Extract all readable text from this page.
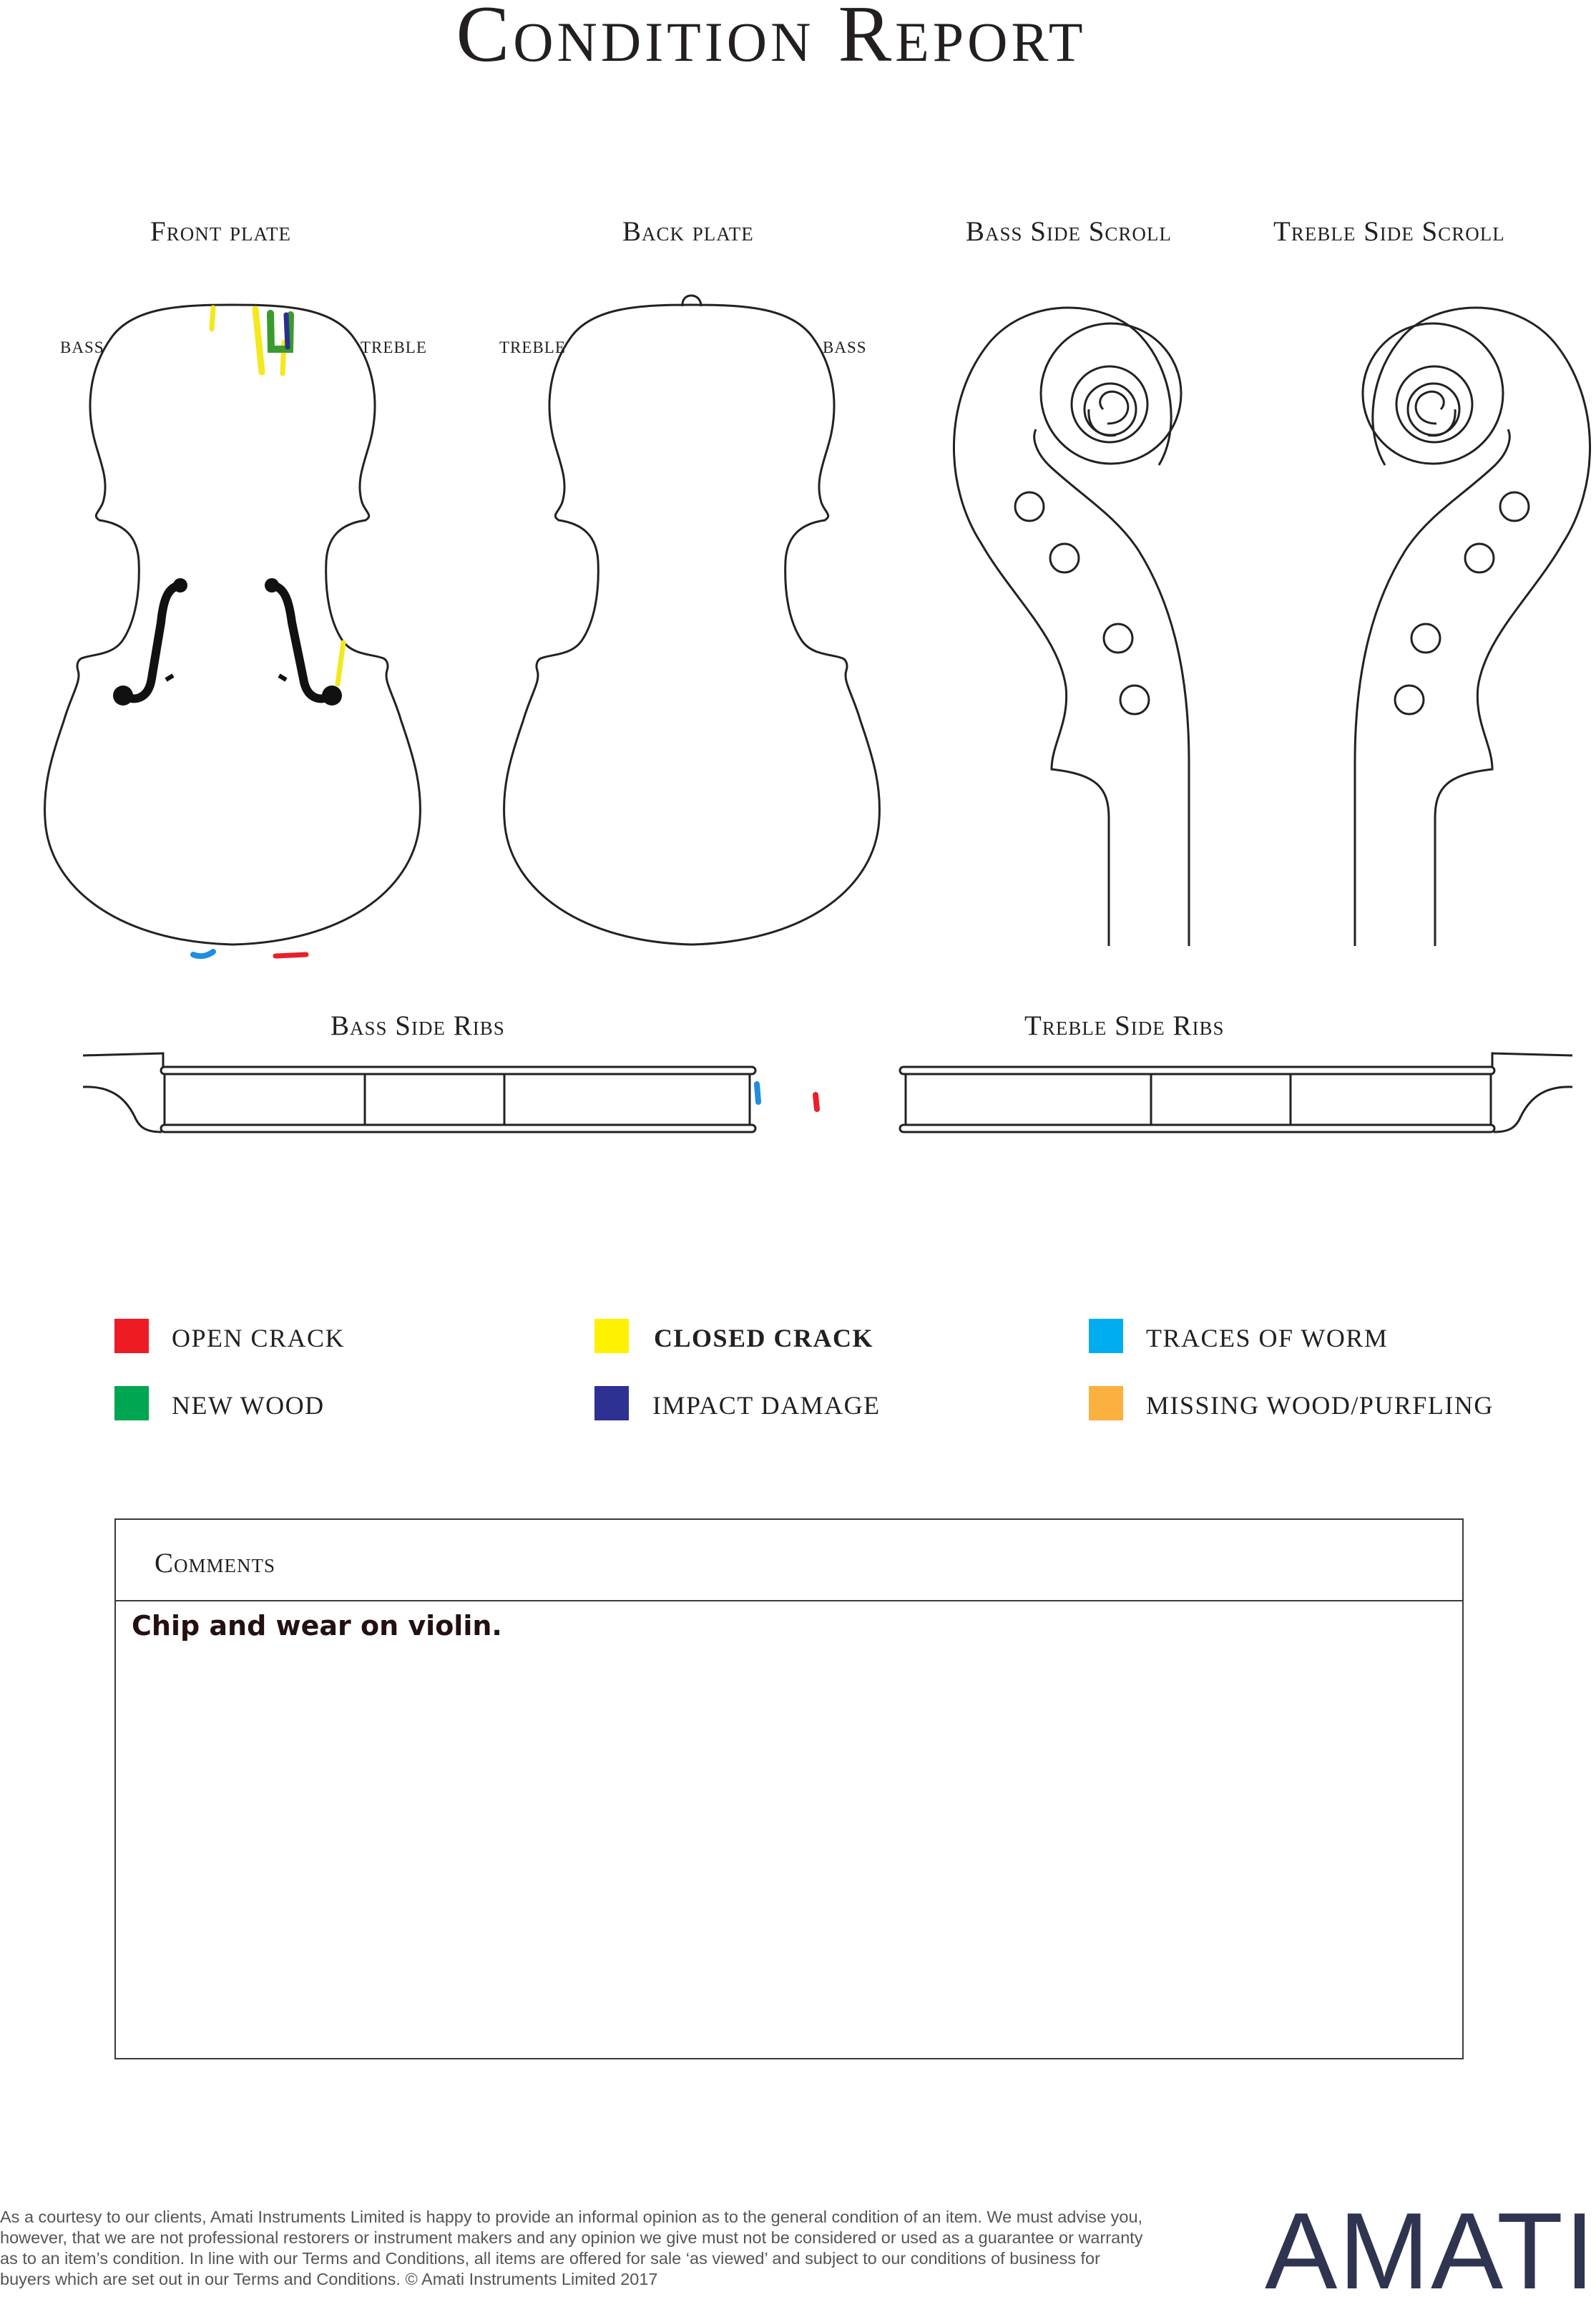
Condition Report
Front plate	Back plate	Bass Side Scroll	Treble Side Scroll
Bass Side Ribs	Treble Side Ribs
BASS	TREBLE	TREBLE	BASS
OPEN CRACK	CLOSED CRACK	TRACES OF WORM
NEW WOOD	IMPACT DAMAGE	MISSING WOOD/PURFLING
Comments
Chip and wear on violin.
As a courtesy to our clients, Amati Instruments Limited is happy to provide an informal opinion as to the general condition of an item. We must advise you, however, that we are not professional restorers or instrument makers and any opinion we give must not be considered or used as a guarantee or warranty as to an item’s condition. In line with our Terms and Conditions, all items are offered for sale ‘as viewed’ and subject to our conditions of business for buyers which are set out in our Terms and Conditions. © Amati Instruments Limited 2017	AMATI
